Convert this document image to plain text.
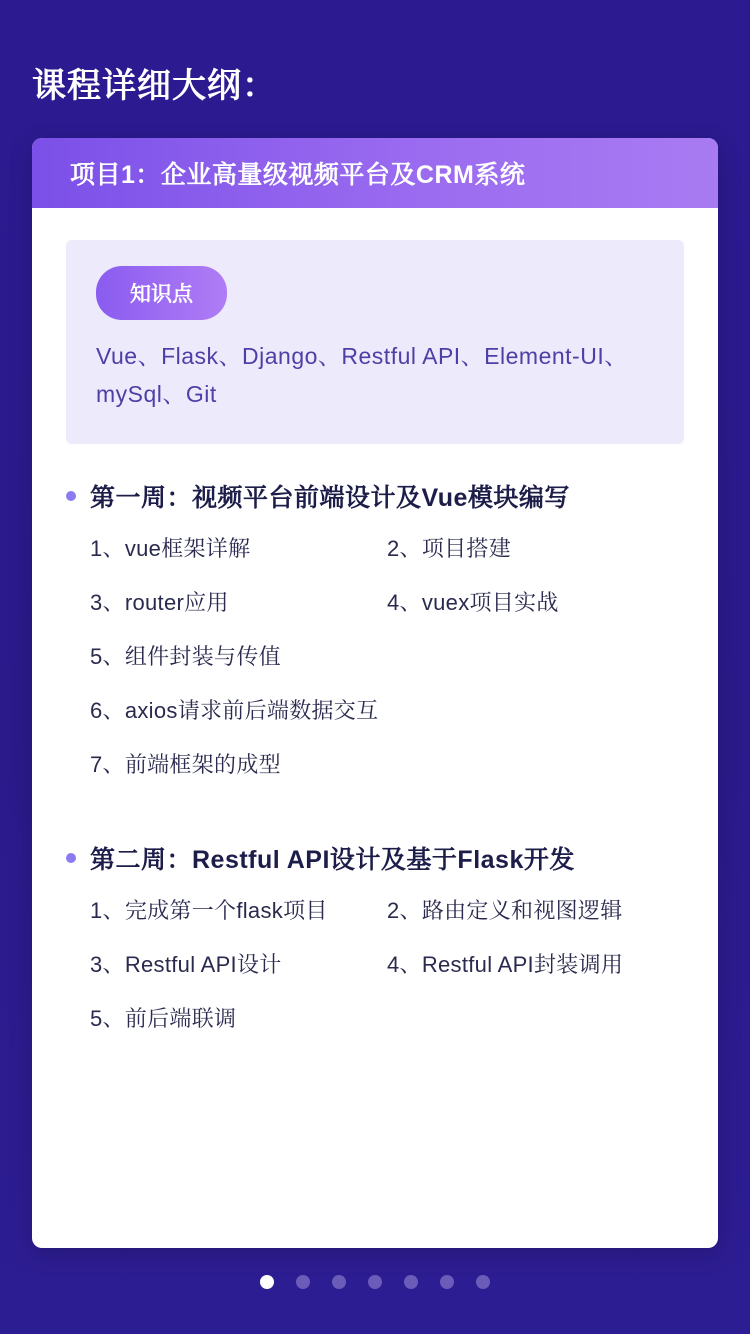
课程详细大纲：
项目1：企业高量级视频平台及CRM系统
知识点
Vue、Flask、Django、Restful API、Element-UI、mySql、Git
第一周：视频平台前端设计及Vue模块编写
1、vue框架详解	2、项目搭建
3、router应用	4、vuex项目实战
5、组件封装与传值
6、axios请求前后端数据交互
7、前端框架的成型
第二周：Restful API设计及基于Flask开发
1、完成第一个flask项目	2、路由定义和视图逻辑
3、Restful API设计	4、Restful API封装调用
5、前后端联调
